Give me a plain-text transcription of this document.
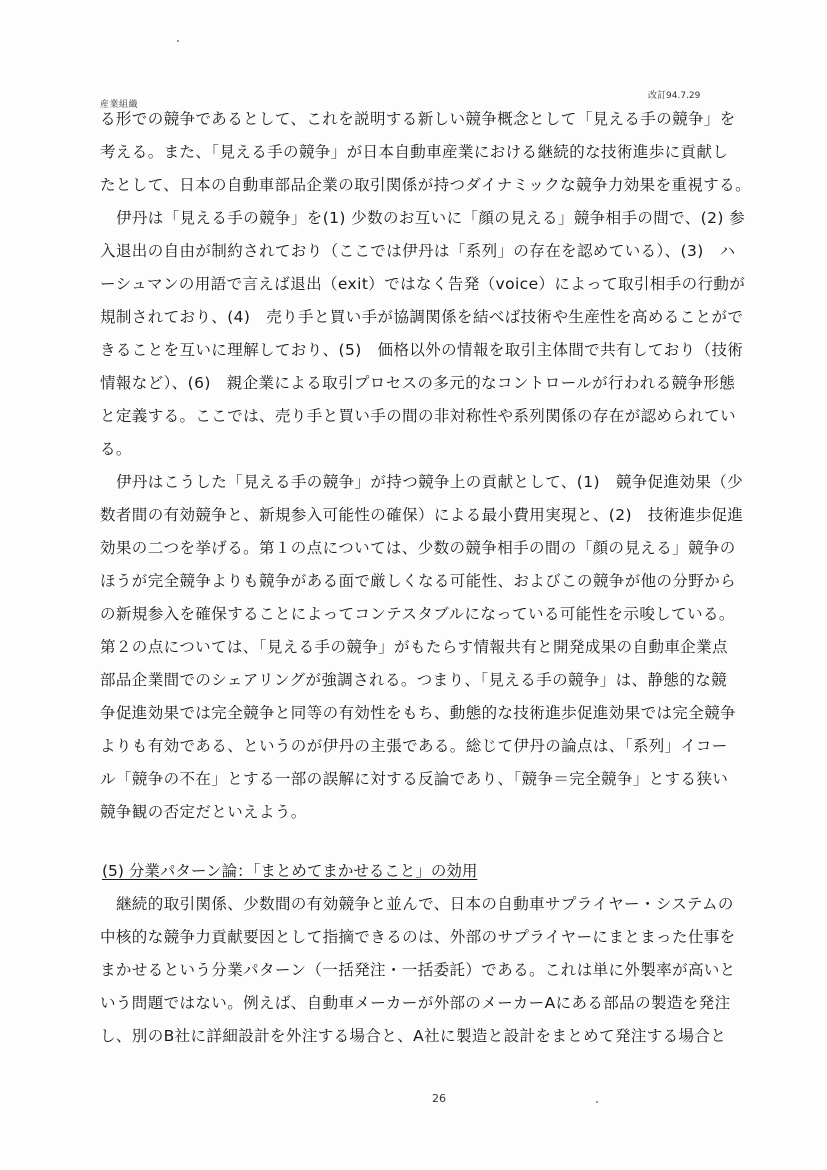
産業組織
改訂94.7.29
る形での競争であるとして、これを説明する新しい競争概念として「見える手の競争」を
考える。また、「見える手の競争」が日本自動車産業における継続的な技術進歩に貢献し
たとして、日本の自動車部品企業の取引関係が持つダイナミックな競争力効果を重視する。
伊丹は「見える手の競争」を(1) 少数のお互いに「顔の見える」競争相手の間で、(2) 参
入退出の自由が制約されており（ここでは伊丹は「系列」の存在を認めている）、(3)　ハ
ーシュマンの用語で言えば退出（exit）ではなく告発（voice）によって取引相手の行動が
規制されており、(4)　売り手と買い手が協調関係を結べば技術や生産性を高めることがで
きることを互いに理解しており、(5)　価格以外の情報を取引主体間で共有しており（技術
情報など）、(6)　親企業による取引プロセスの多元的なコントロールが行われる競争形態
と定義する。ここでは、売り手と買い手の間の非対称性や系列関係の存在が認められてい
る。
伊丹はこうした「見える手の競争」が持つ競争上の貢献として、(1)　競争促進効果（少
数者間の有効競争と、新規参入可能性の確保）による最小費用実現と、(2)　技術進歩促進
効果の二つを挙げる。第１の点については、少数の競争相手の間の「顔の見える」競争の
ほうが完全競争よりも競争がある面で厳しくなる可能性、およびこの競争が他の分野から
の新規参入を確保することによってコンテスタブルになっている可能性を示唆している。
第２の点については、「見える手の競争」がもたらす情報共有と開発成果の自動車企業点
部品企業間でのシェアリングが強調される。つまり、「見える手の競争」は、静態的な競
争促進効果では完全競争と同等の有効性をもち、動態的な技術進歩促進効果では完全競争
よりも有効である、というのが伊丹の主張である。総じて伊丹の論点は、「系列」イコー
ル「競争の不在」とする一部の誤解に対する反論であり、「競争＝完全競争」とする狭い
競争観の否定だといえよう。
(5) 分業パターン論：「まとめてまかせること」の効用
継続的取引関係、少数間の有効競争と並んで、日本の自動車サプライヤー・システムの
中核的な競争力貢献要因として指摘できるのは、外部のサプライヤーにまとまった仕事を
まかせるという分業パターン（一括発注・一括委託）である。これは単に外製率が高いと
いう問題ではない。例えば、自動車メーカーが外部のメーカーAにある部品の製造を発注
し、別のB社に詳細設計を外注する場合と、A社に製造と設計をまとめて発注する場合と
26
